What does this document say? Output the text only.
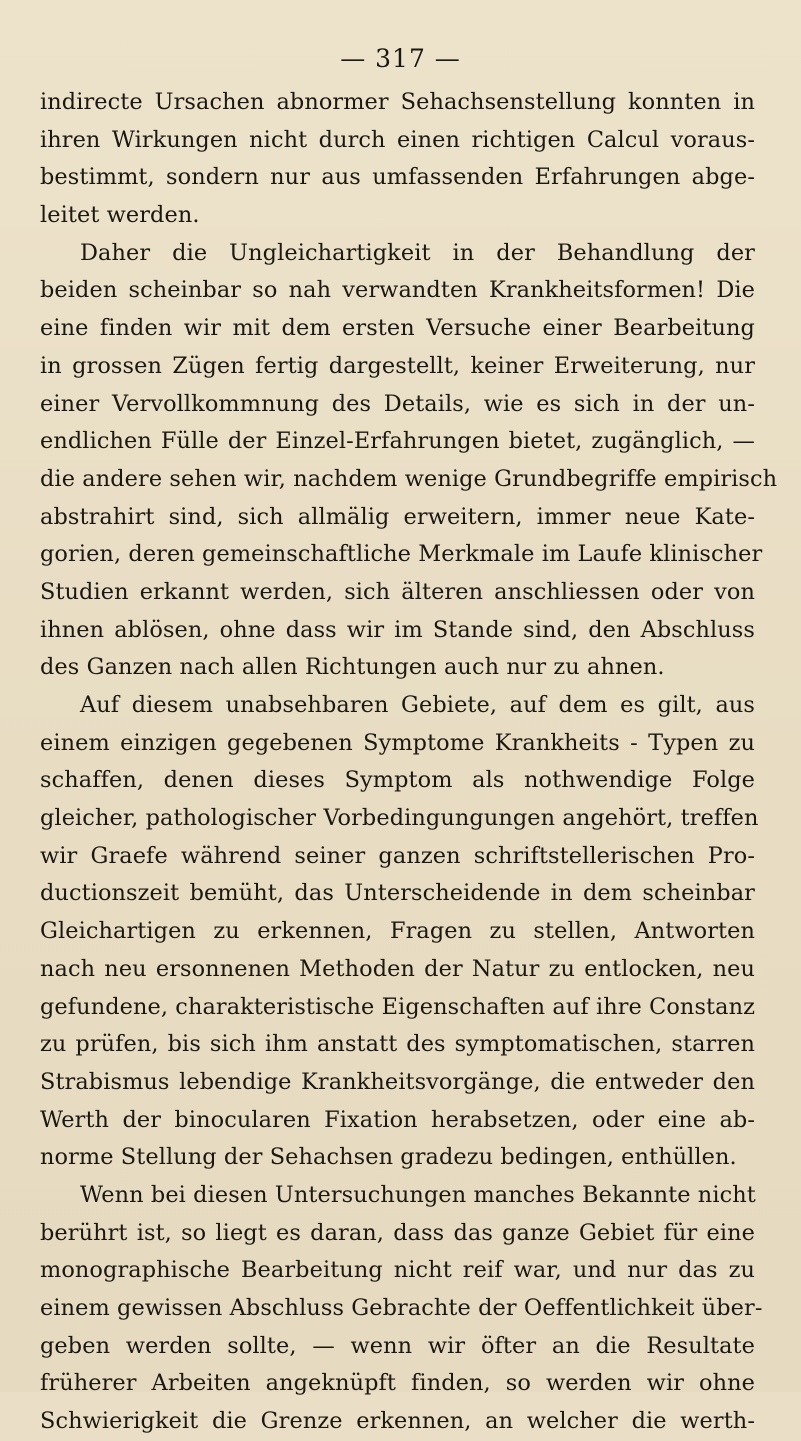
— 317 —
indirecte Ursachen abnormer Sehachsenstellung konnten in
ihren Wirkungen nicht durch einen richtigen Calcul voraus-
bestimmt, sondern nur aus umfassenden Erfahrungen abge-
leitet werden.
Daher die Ungleichartigkeit in der Behandlung der
beiden scheinbar so nah verwandten Krankheitsformen! Die
eine finden wir mit dem ersten Versuche einer Bearbeitung
in grossen Zügen fertig dargestellt, keiner Erweiterung, nur
einer Vervollkommnung des Details, wie es sich in der un-
endlichen Fülle der Einzel-Erfahrungen bietet, zugänglich, —
die andere sehen wir, nachdem wenige Grundbegriffe empirisch
abstrahirt sind, sich allmälig erweitern, immer neue Kate-
gorien, deren gemeinschaftliche Merkmale im Laufe klinischer
Studien erkannt werden, sich älteren anschliessen oder von
ihnen ablösen, ohne dass wir im Stande sind, den Abschluss
des Ganzen nach allen Richtungen auch nur zu ahnen.
Auf diesem unabsehbaren Gebiete, auf dem es gilt, aus
einem einzigen gegebenen Symptome Krankheits - Typen zu
schaffen, denen dieses Symptom als nothwendige Folge
gleicher, pathologischer Vorbedingungungen angehört, treffen
wir Graefe während seiner ganzen schriftstellerischen Pro-
ductionszeit bemüht, das Unterscheidende in dem scheinbar
Gleichartigen zu erkennen, Fragen zu stellen, Antworten
nach neu ersonnenen Methoden der Natur zu entlocken, neu
gefundene, charakteristische Eigenschaften auf ihre Constanz
zu prüfen, bis sich ihm anstatt des symptomatischen, starren
Strabismus lebendige Krankheitsvorgänge, die entweder den
Werth der binocularen Fixation herabsetzen, oder eine ab-
norme Stellung der Sehachsen gradezu bedingen, enthüllen.
Wenn bei diesen Untersuchungen manches Bekannte nicht
berührt ist, so liegt es daran, dass das ganze Gebiet für eine
monographische Bearbeitung nicht reif war, und nur das zu
einem gewissen Abschluss Gebrachte der Oeffentlichkeit über-
geben werden sollte, — wenn wir öfter an die Resultate
früherer Arbeiten angeknüpft finden, so werden wir ohne
Schwierigkeit die Grenze erkennen, an welcher die werth-
